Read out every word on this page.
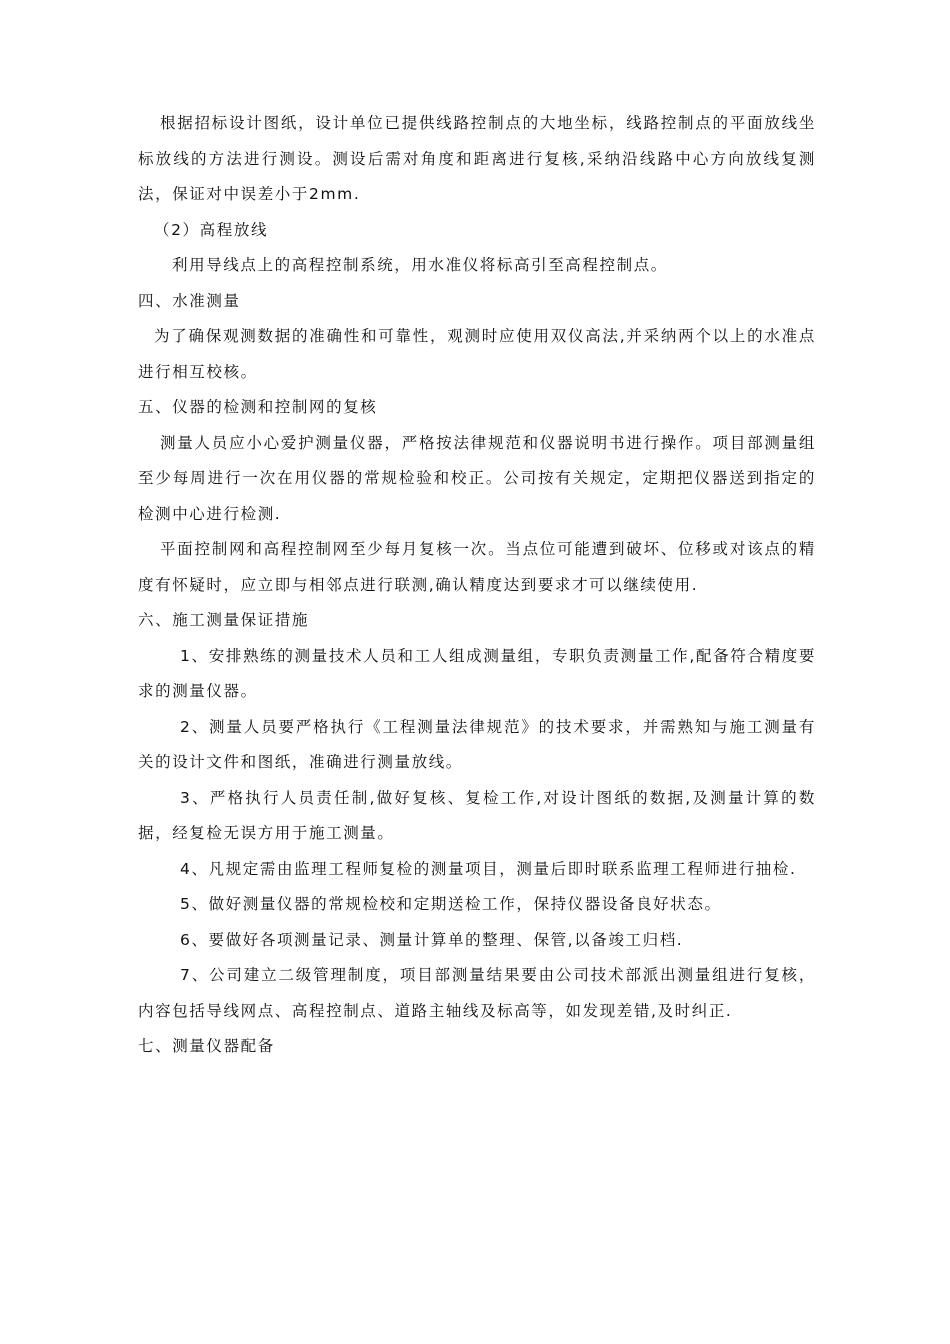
根据招标设计图纸，设计单位已提供线路控制点的大地坐标，线路控制点的平面放线坐标放线的方法进行测设。测设后需对角度和距离进行复核,采纳沿线路中心方向放线复测法，保证对中误差小于2mm.

（2）高程放线

利用导线点上的高程控制系统，用水准仪将标高引至高程控制点。

四、水准测量

为了确保观测数据的准确性和可靠性，观测时应使用双仪高法,并采纳两个以上的水准点进行相互校核。

五、仪器的检测和控制网的复核

测量人员应小心爱护测量仪器，严格按法律规范和仪器说明书进行操作。项目部测量组至少每周进行一次在用仪器的常规检验和校正。公司按有关规定，定期把仪器送到指定的检测中心进行检测.

平面控制网和高程控制网至少每月复核一次。当点位可能遭到破坏、位移或对该点的精度有怀疑时，应立即与相邻点进行联测,确认精度达到要求才可以继续使用.

六、施工测量保证措施

1、安排熟练的测量技术人员和工人组成测量组，专职负责测量工作,配备符合精度要求的测量仪器。

2、测量人员要严格执行《工程测量法律规范》的技术要求，并需熟知与施工测量有关的设计文件和图纸，准确进行测量放线。

3、严格执行人员责任制,做好复核、复检工作,对设计图纸的数据,及测量计算的数据，经复检无误方用于施工测量。

4、凡规定需由监理工程师复检的测量项目，测量后即时联系监理工程师进行抽检.

5、做好测量仪器的常规检校和定期送检工作，保持仪器设备良好状态。

6、要做好各项测量记录、测量计算单的整理、保管,以备竣工归档.

7、公司建立二级管理制度，项目部测量结果要由公司技术部派出测量组进行复核，内容包括导线网点、高程控制点、道路主轴线及标高等，如发现差错,及时纠正.

七、测量仪器配备
